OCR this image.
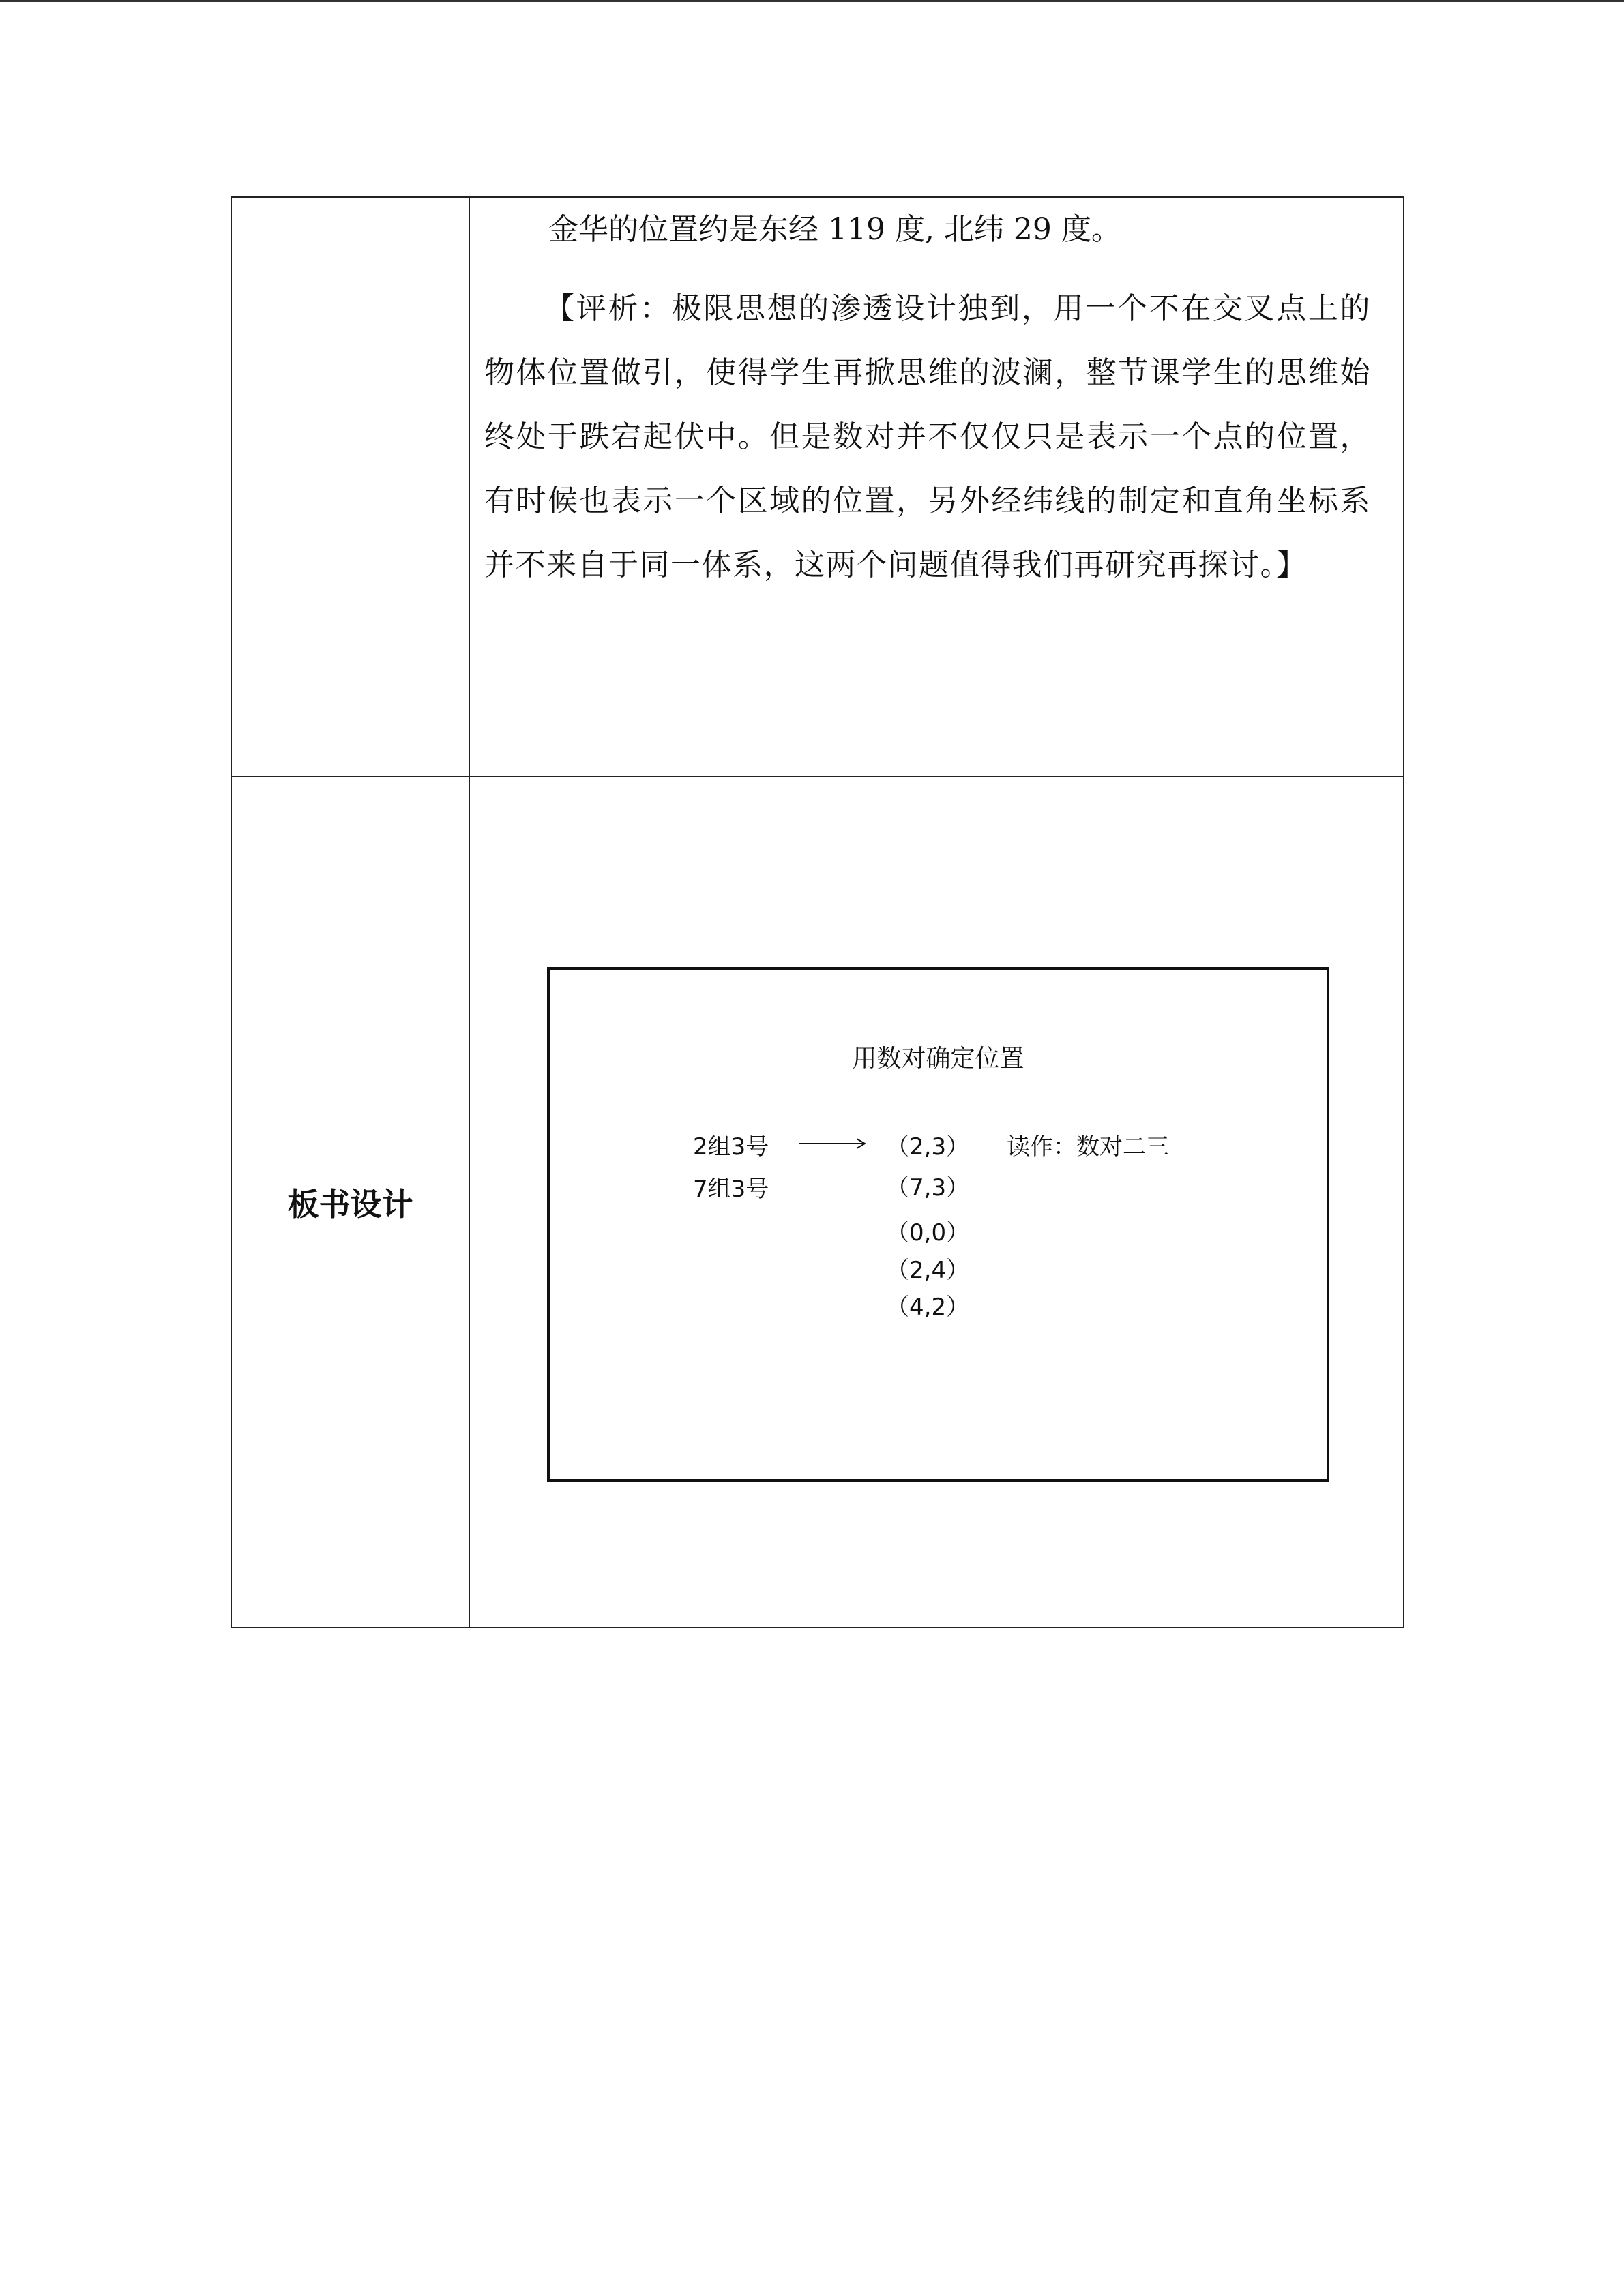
金华的位置约是东经 119 度, 北纬 29 度。

【评析：极限思想的渗透设计独到，用一个不在交叉点上的物体位置做引，使得学生再掀思维的波澜，整节课学生的思维始终处于跌宕起伏中。但是数对并不仅仅只是表示一个点的位置，有时候也表示一个区域的位置，另外经纬线的制定和直角坐标系并不来自于同一体系，这两个问题值得我们再研究再探讨。】

板书设计
用数对确定位置
2组3号
7组3号
（2,3）
（7,3）
（0,0）
（2,4）
（4,2）
读作：数对二三
